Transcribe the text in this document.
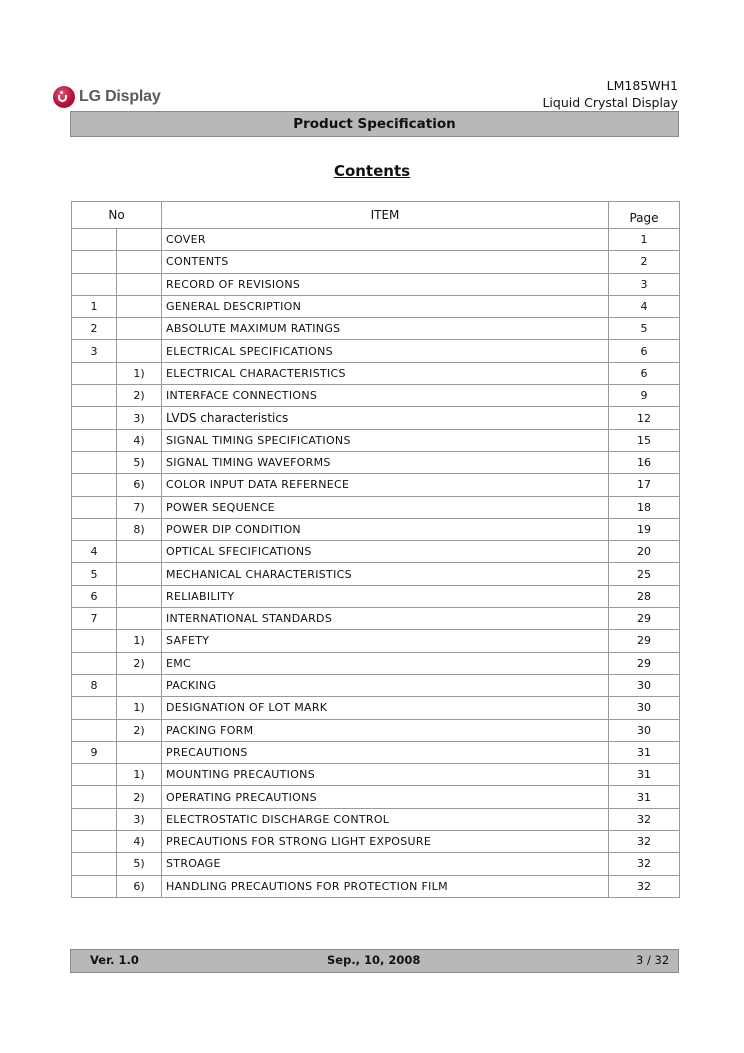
LG Display
LM185WH1
Liquid Crystal Display
Product Specification
Contents
No		ITEM	Page
		COVER	1
		CONTENTS	2
		RECORD OF REVISIONS	3
1		GENERAL DESCRIPTION	4
2		ABSOLUTE MAXIMUM RATINGS	5
3		ELECTRICAL SPECIFICATIONS	6
	1)	ELECTRICAL CHARACTERISTICS	6
	2)	INTERFACE CONNECTIONS	9
	3)	LVDS characteristics	12
	4)	SIGNAL TIMING SPECIFICATIONS	15
	5)	SIGNAL TIMING WAVEFORMS	16
	6)	COLOR INPUT DATA REFERNECE	17
	7)	POWER SEQUENCE	18
	8)	POWER DIP CONDITION	19
4		OPTICAL SFECIFICATIONS	20
5		MECHANICAL CHARACTERISTICS	25
6		RELIABILITY	28
7		INTERNATIONAL STANDARDS	29
	1)	SAFETY	29
	2)	EMC	29
8		PACKING	30
	1)	DESIGNATION OF LOT MARK	30
	2)	PACKING FORM	30
9		PRECAUTIONS	31
	1)	MOUNTING PRECAUTIONS	31
	2)	OPERATING PRECAUTIONS	31
	3)	ELECTROSTATIC DISCHARGE CONTROL	32
	4)	PRECAUTIONS FOR STRONG LIGHT EXPOSURE	32
	5)	STROAGE	32
	6)	HANDLING PRECAUTIONS FOR PROTECTION FILM	32
Ver. 1.0	Sep., 10, 2008	3 / 32
